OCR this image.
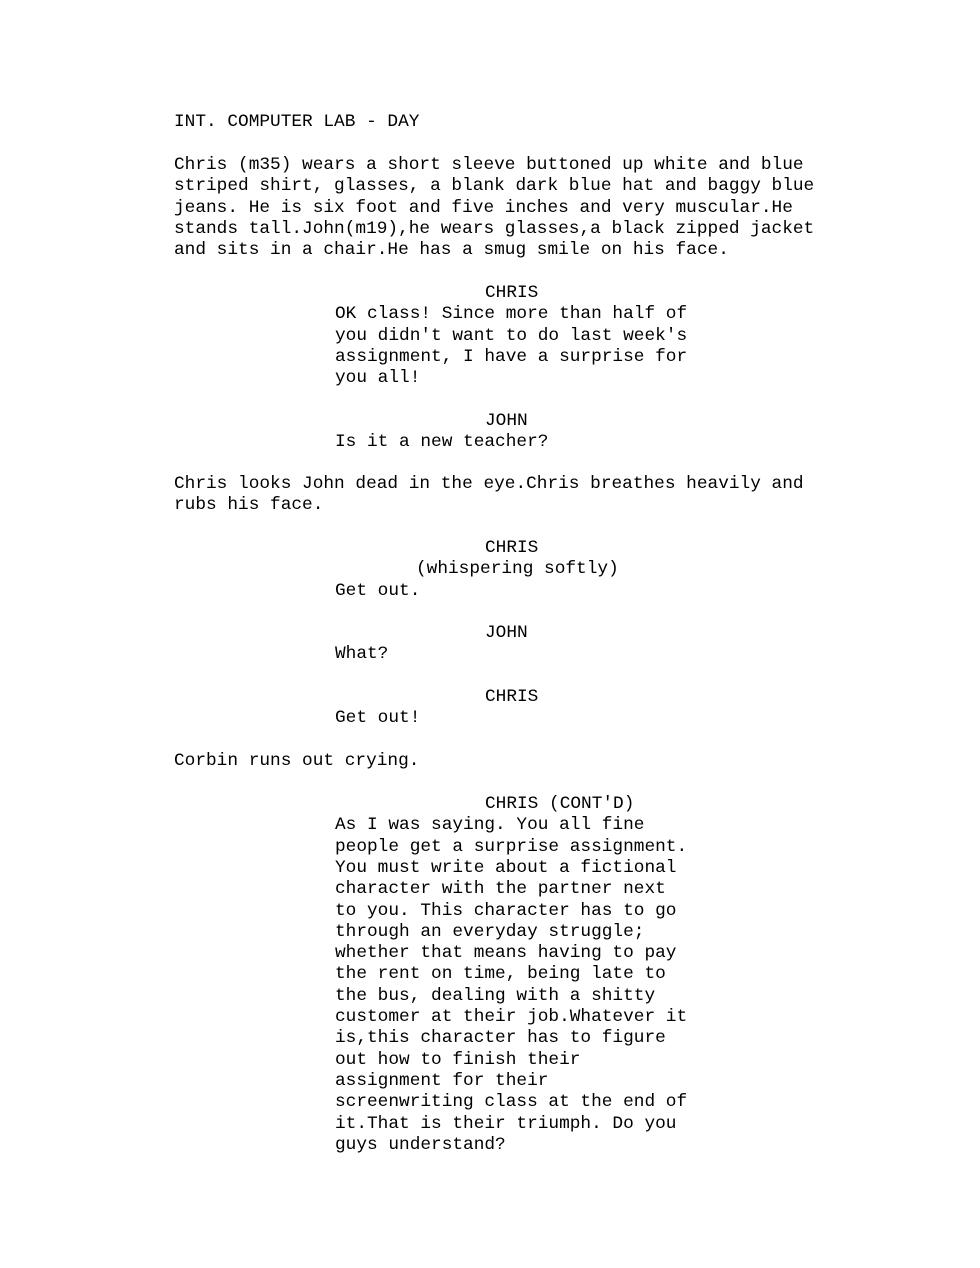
INT. COMPUTER LAB - DAY
Chris (m35) wears a short sleeve buttoned up white and blue
striped shirt, glasses, a blank dark blue hat and baggy blue
jeans. He is six foot and five inches and very muscular.He
stands tall.John(m19),he wears glasses,a black zipped jacket
and sits in a chair.He has a smug smile on his face.
CHRIS
OK class! Since more than half of
you didn't want to do last week's
assignment, I have a surprise for
you all!
JOHN
Is it a new teacher?
Chris looks John dead in the eye.Chris breathes heavily and
rubs his face.
CHRIS
(whispering softly)
Get out.
JOHN
What?
CHRIS
Get out!
Corbin runs out crying.
CHRIS (CONT'D)
As I was saying. You all fine
people get a surprise assignment.
You must write about a fictional
character with the partner next
to you. This character has to go
through an everyday struggle;
whether that means having to pay
the rent on time, being late to
the bus, dealing with a shitty
customer at their job.Whatever it
is,this character has to figure
out how to finish their
assignment for their
screenwriting class at the end of
it.That is their triumph. Do you
guys understand?
